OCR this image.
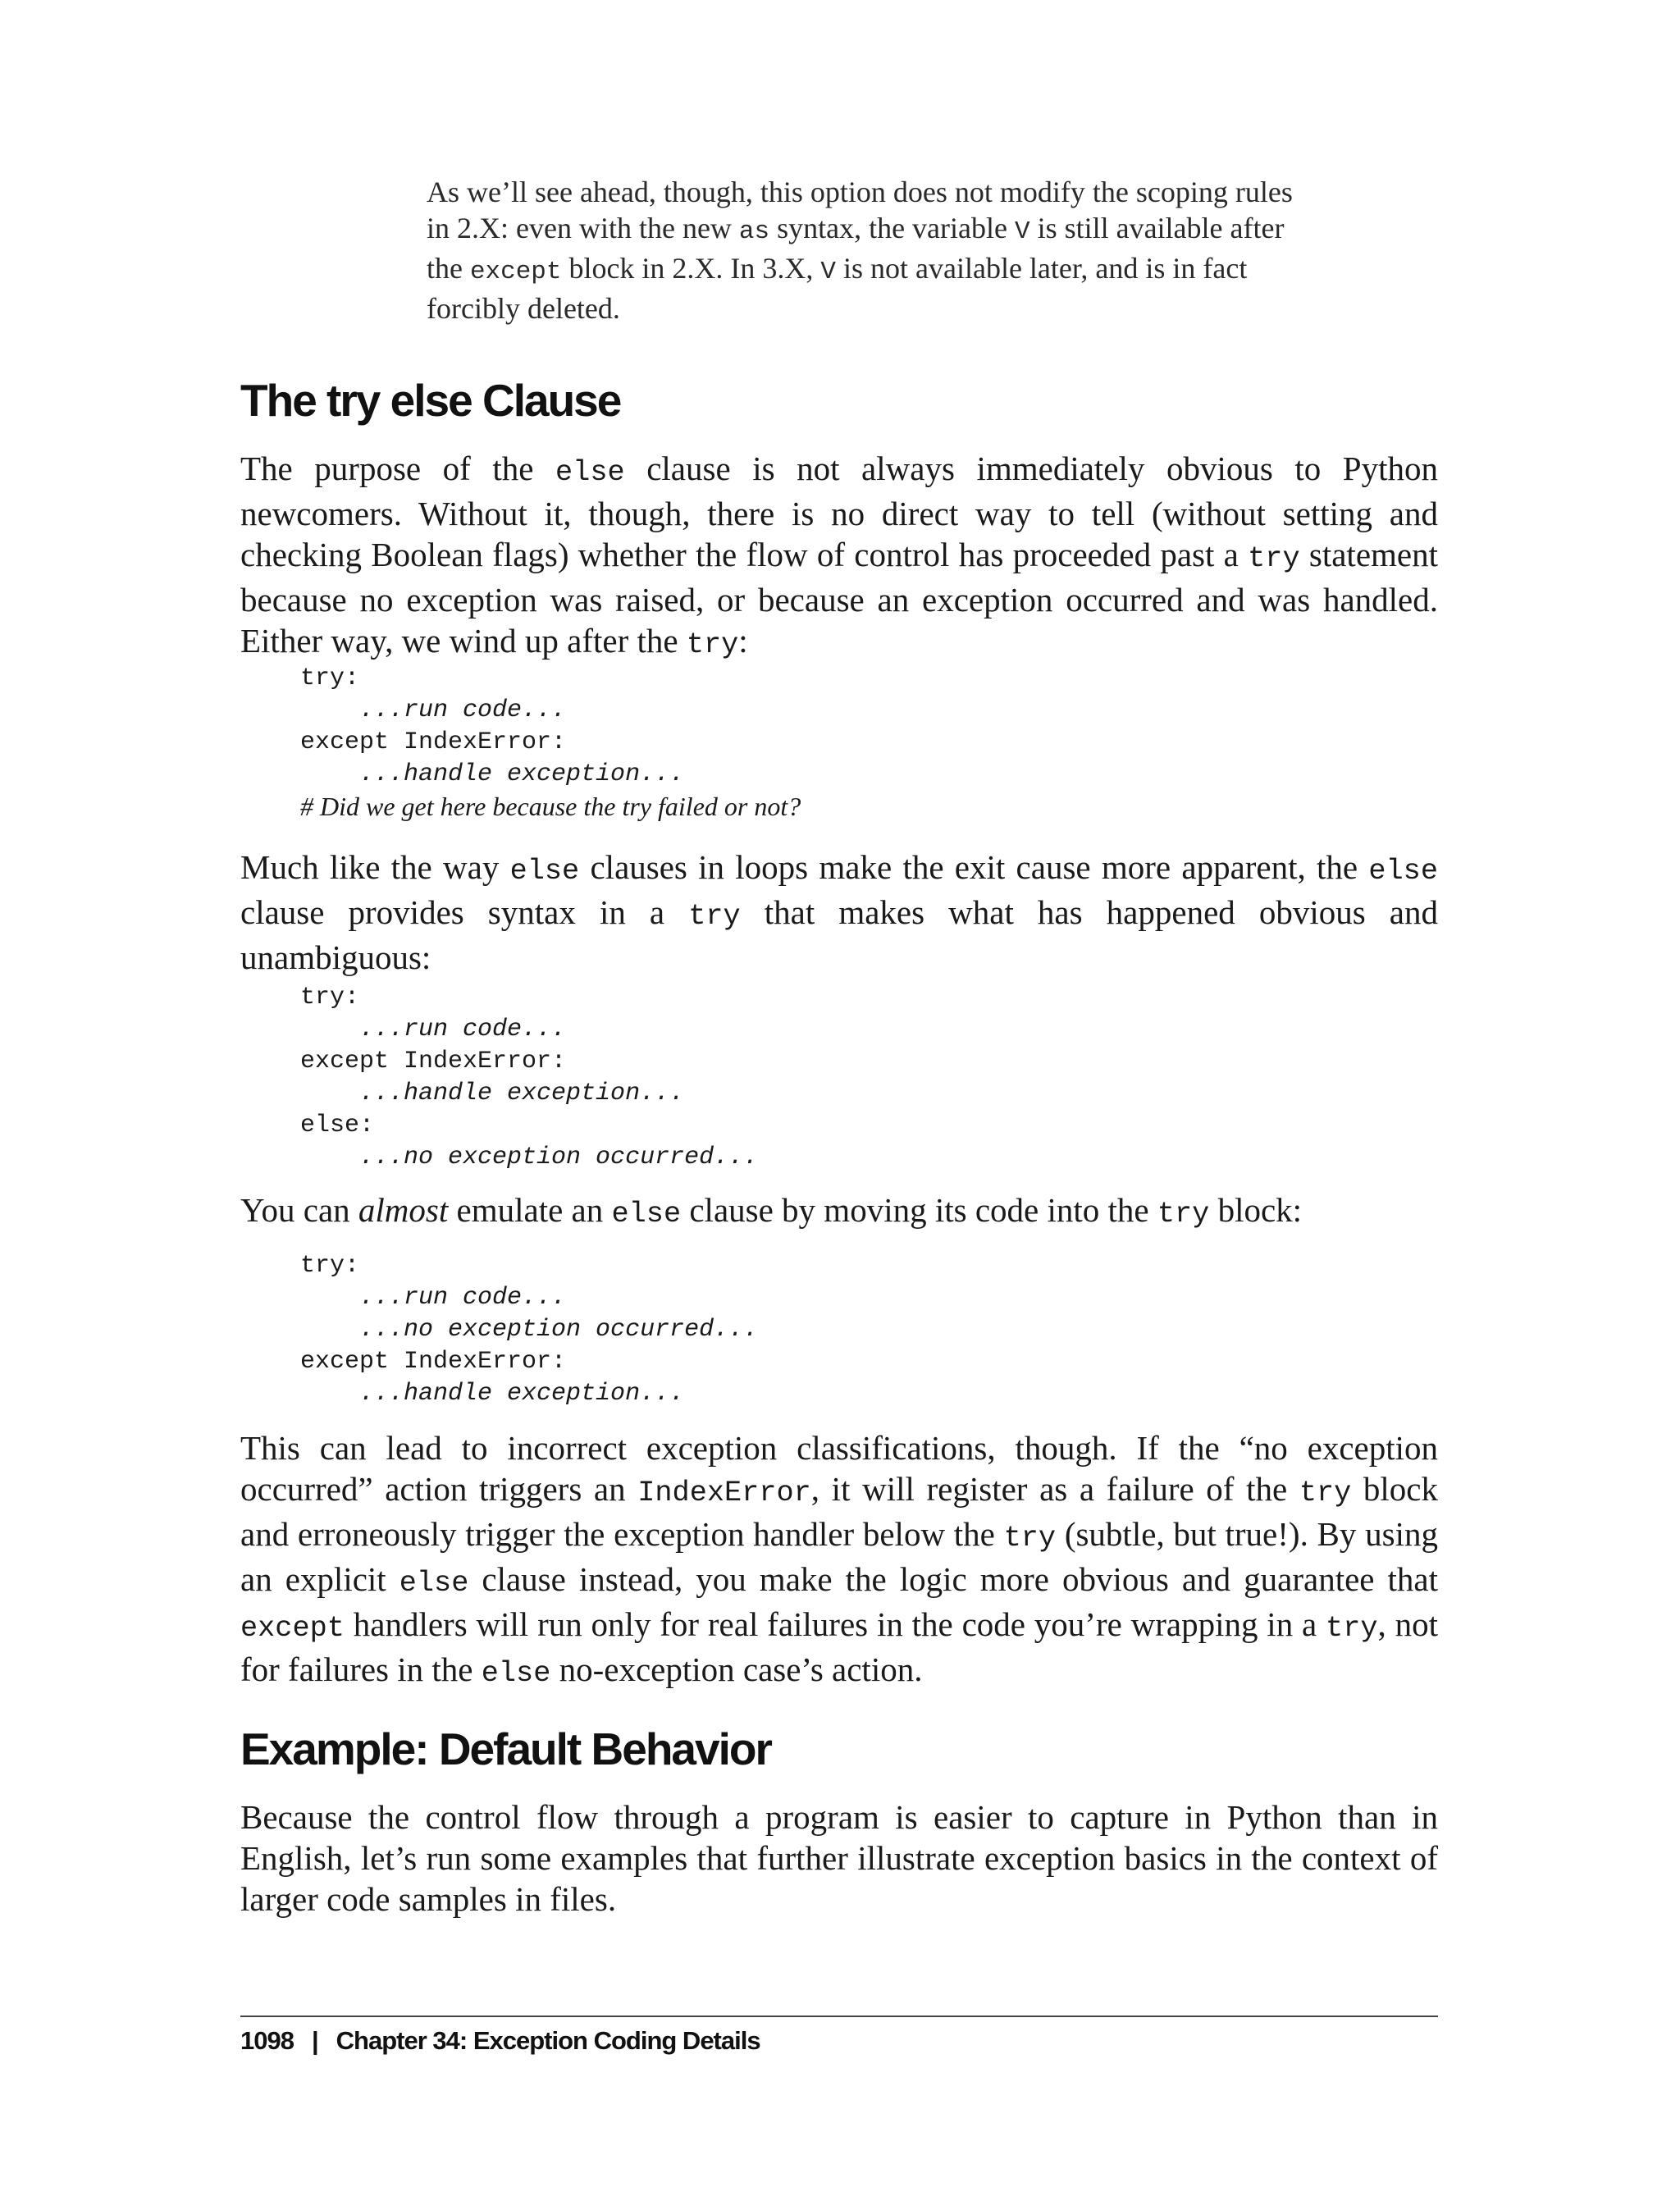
As we’ll see ahead, though, this option does not modify the scoping rules in 2.X: even with the new as syntax, the variable V is still available after the except block in 2.X. In 3.X, V is not available later, and is in fact forcibly deleted.
The try else Clause

The purpose of the else clause is not always immediately obvious to Python newcomers. Without it, though, there is no direct way to tell (without setting and checking Boolean flags) whether the flow of control has proceeded past a try statement because no exception was raised, or because an exception occurred and was handled. Either way, we wind up after the try:

try:
...run code...
except IndexError:
...handle exception...
# Did we get here because the try failed or not?

Much like the way else clauses in loops make the exit cause more apparent, the else clause provides syntax in a try that makes what has happened obvious and unambiguous:

try:
...run code...
except IndexError:
...handle exception...
else:
...no exception occurred...

You can almost emulate an else clause by moving its code into the try block:

try:
...run code...
...no exception occurred...
except IndexError:
...handle exception...

This can lead to incorrect exception classifications, though. If the “no exception occurred” action triggers an IndexError, it will register as a failure of the try block and erroneously trigger the exception handler below the try (subtle, but true!). By using an explicit else clause instead, you make the logic more obvious and guarantee that except handlers will run only for real failures in the code you’re wrapping in a try, not for failures in the else no-exception case’s action.

Example: Default Behavior

Because the control flow through a program is easier to capture in Python than in English, let’s run some examples that further illustrate exception basics in the context of larger code samples in files.

1098 | Chapter 34: Exception Coding Details
